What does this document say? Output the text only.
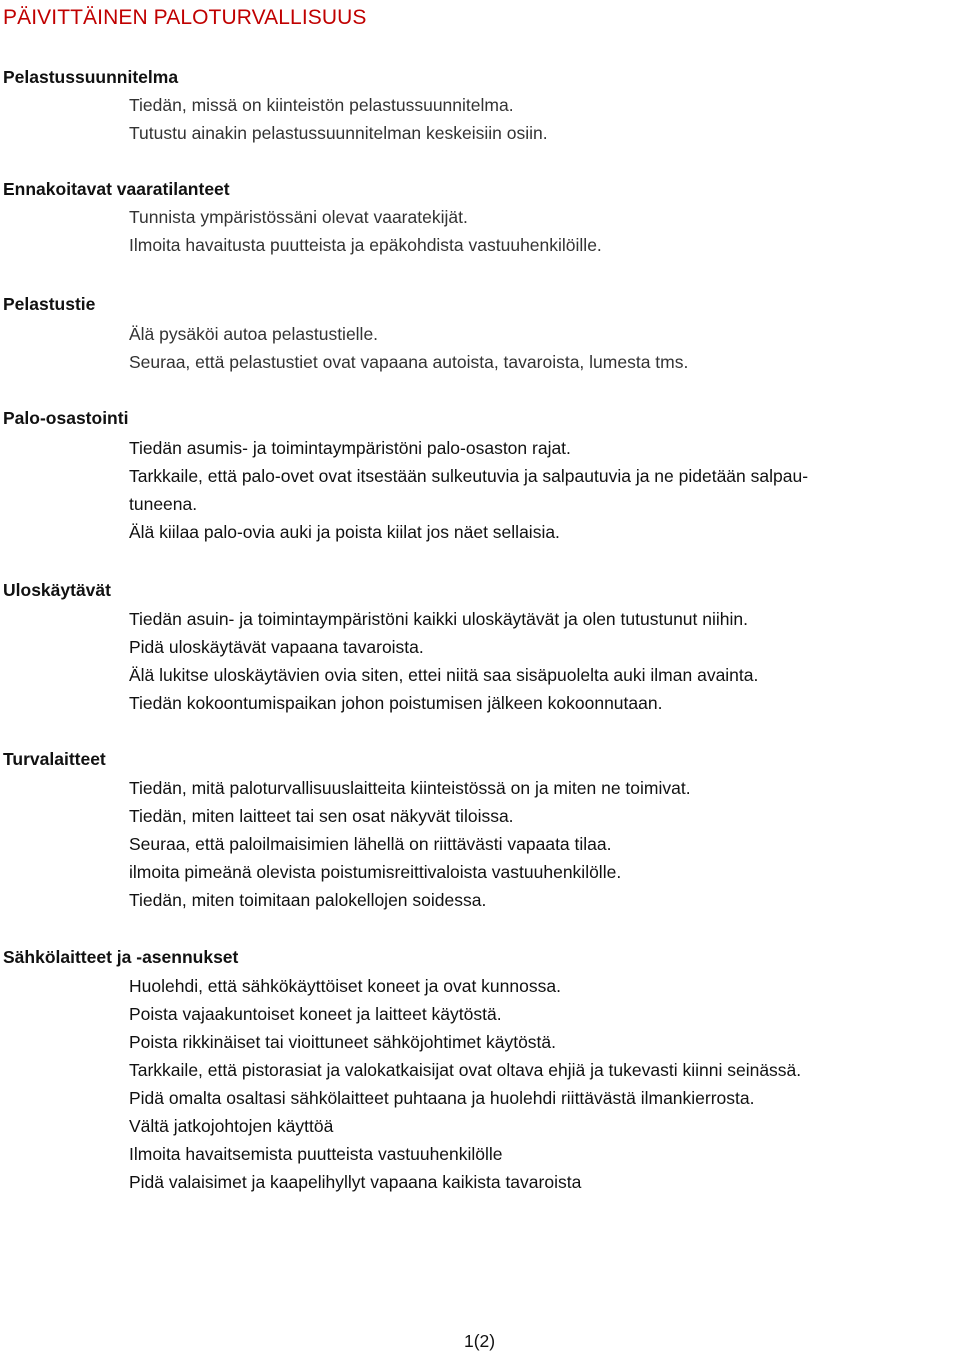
PÄIVITTÄINEN PALOTURVALLISUUS
Pelastussuunnitelma
Tiedän, missä on kiinteistön pelastussuunnitelma.
Tutustu ainakin pelastussuunnitelman keskeisiin osiin.
Ennakoitavat vaaratilanteet
Tunnista ympäristössäni olevat vaaratekijät.
Ilmoita havaitusta puutteista ja epäkohdista vastuuhenkilöille.
Pelastustie
Älä pysäköi autoa pelastustielle.
Seuraa, että pelastustiet ovat vapaana autoista, tavaroista, lumesta tms.
Palo-osastointi
Tiedän asumis- ja toimintaympäristöni palo-osaston rajat.
Tarkkaile, että palo-ovet ovat itsestään sulkeutuvia ja salpautuvia ja ne pidetään salpau-
tuneena.
Älä kiilaa palo-ovia auki ja poista kiilat jos näet sellaisia.
Uloskäytävät
Tiedän asuin- ja toimintaympäristöni kaikki uloskäytävät ja olen tutustunut niihin.
Pidä uloskäytävät vapaana tavaroista.
Älä lukitse uloskäytävien ovia siten, ettei niitä saa sisäpuolelta auki ilman avainta.
Tiedän kokoontumispaikan johon poistumisen jälkeen kokoonnutaan.
Turvalaitteet
Tiedän, mitä paloturvallisuuslaitteita kiinteistössä on ja miten ne toimivat.
Tiedän, miten laitteet tai sen osat näkyvät tiloissa.
Seuraa, että paloilmaisimien lähellä on riittävästi vapaata tilaa.
ilmoita pimeänä olevista poistumisreittivaloista vastuuhenkilölle.
Tiedän, miten toimitaan palokellojen soidessa.
Sähkölaitteet ja -asennukset
Huolehdi, että sähkökäyttöiset koneet ja ovat kunnossa.
Poista vajaakuntoiset koneet ja laitteet käytöstä.
Poista rikkinäiset tai vioittuneet sähköjohtimet käytöstä.
Tarkkaile, että pistorasiat ja valokatkaisijat ovat oltava ehjiä ja tukevasti kiinni seinässä.
Pidä omalta osaltasi sähkölaitteet puhtaana ja huolehdi riittävästä ilmankierrosta.
Vältä jatkojohtojen käyttöä
Ilmoita havaitsemista puutteista vastuuhenkilölle
Pidä valaisimet ja kaapelihyllyt vapaana kaikista tavaroista
1(2)
